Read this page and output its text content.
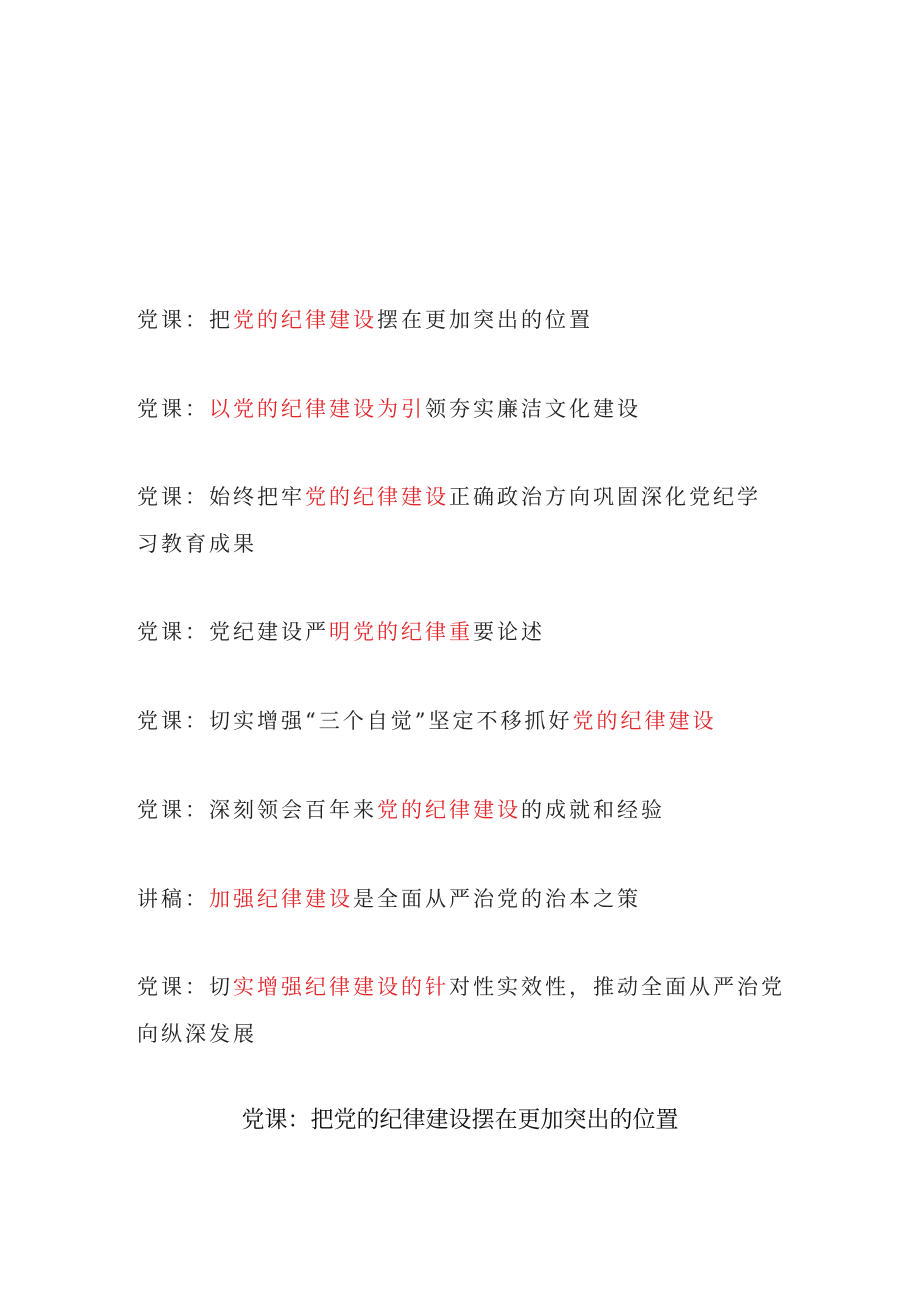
党课：把党的纪律建设摆在更加突出的位置
党课：以党的纪律建设为引领夯实廉洁文化建设
党课：始终把牢党的纪律建设正确政治方向巩固深化党纪学 习教育成果
党课：党纪建设严明党的纪律重要论述
党课：切实增强“三个自觉”坚定不移抓好党的纪律建设
党课：深刻领会百年来党的纪律建设的成就和经验
讲稿：加强纪律建设是全面从严治党的治本之策
党课：切实增强纪律建设的针对性实效性，推动全面从严治党向纵深发展
党课：把党的纪律建设摆在更加突出的位置
